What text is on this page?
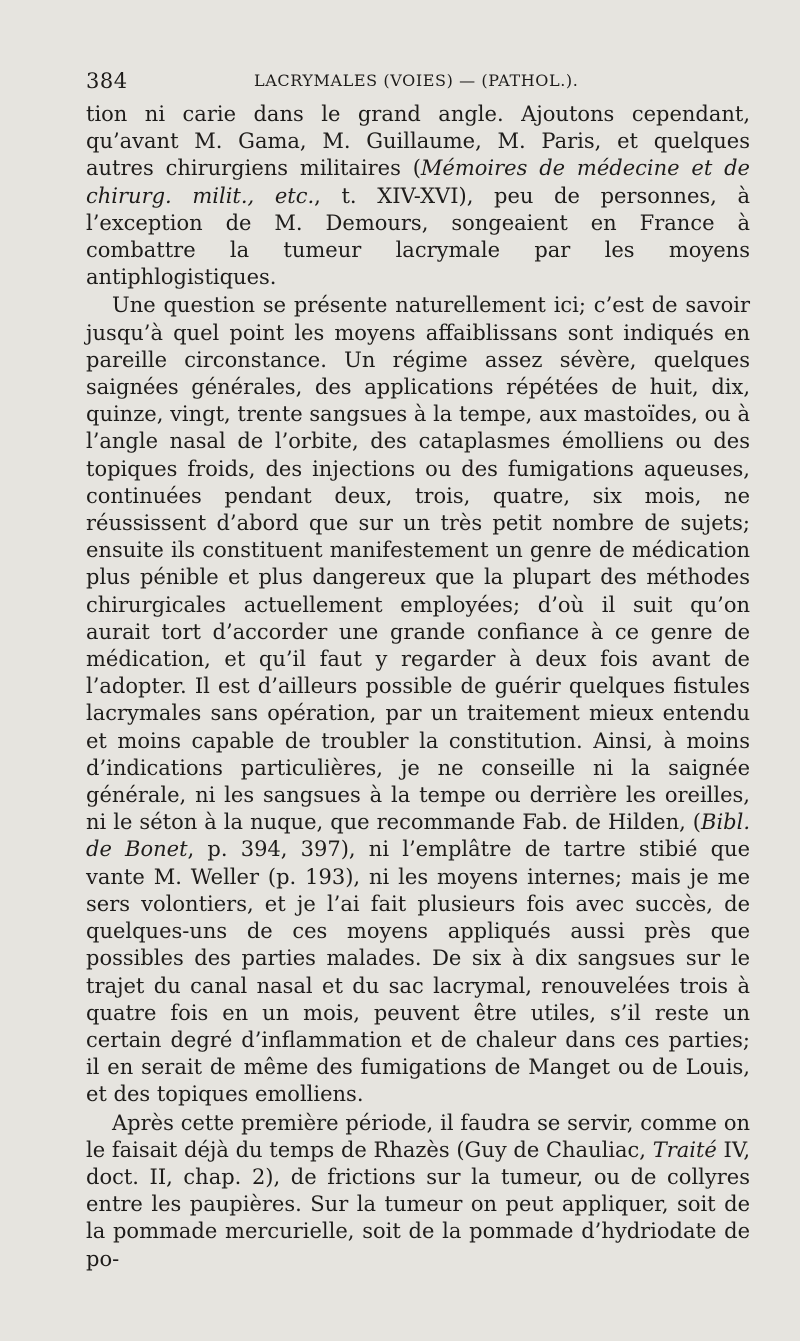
384	LACRYMALES (VOIES) — (PATHOL.).

tion ni carie dans le grand angle. Ajoutons cependant, qu’avant M. Gama, M. Guillaume, M. Paris, et quelques autres chirurgiens militaires (Mémoires de médecine et de chirurg. milit., etc., t. XIV-XVI), peu de personnes, à l’exception de M. Demours, songeaient en France à combattre la tumeur lacrymale par les moyens antiphlogistiques.

Une question se présente naturellement ici; c’est de savoir jusqu’à quel point les moyens affaiblissans sont indiqués en pareille circonstance. Un régime assez sévère, quelques saignées générales, des applications répétées de huit, dix, quinze, vingt, trente sangsues à la tempe, aux mastoïdes, ou à l’angle nasal de l’orbite, des cataplasmes émolliens ou des topiques froids, des injections ou des fumigations aqueuses, continuées pendant deux, trois, quatre, six mois, ne réussissent d’abord que sur un très petit nombre de sujets; ensuite ils constituent manifestement un genre de médication plus pénible et plus dangereux que la plupart des méthodes chirurgicales actuellement employées; d’où il suit qu’on aurait tort d’accorder une grande confiance à ce genre de médication, et qu’il faut y regarder à deux fois avant de l’adopter. Il est d’ailleurs possible de guérir quelques fistules lacrymales sans opération, par un traitement mieux entendu et moins capable de troubler la constitution. Ainsi, à moins d’indications particulières, je ne conseille ni la saignée générale, ni les sangsues à la tempe ou derrière les oreilles, ni le séton à la nuque, que recommande Fab. de Hilden, (Bibl. de Bonet, p. 394, 397), ni l’emplâtre de tartre stibié que vante M. Weller (p. 193), ni les moyens internes; mais je me sers volontiers, et je l’ai fait plusieurs fois avec succès, de quelques-uns de ces moyens appliqués aussi près que possibles des parties malades. De six à dix sangsues sur le trajet du canal nasal et du sac lacrymal, renouvelées trois à quatre fois en un mois, peuvent être utiles, s’il reste un certain degré d’inflammation et de chaleur dans ces parties; il en serait de même des fumigations de Manget ou de Louis, et des topiques emolliens.

Après cette première période, il faudra se servir, comme on le faisait déjà du temps de Rhazès (Guy de Chauliac, Traité IV, doct. II, chap. 2), de frictions sur la tumeur, ou de collyres entre les paupières. Sur la tumeur on peut appliquer, soit de la pommade mercurielle, soit de la pommade d’hydriodate de po-
